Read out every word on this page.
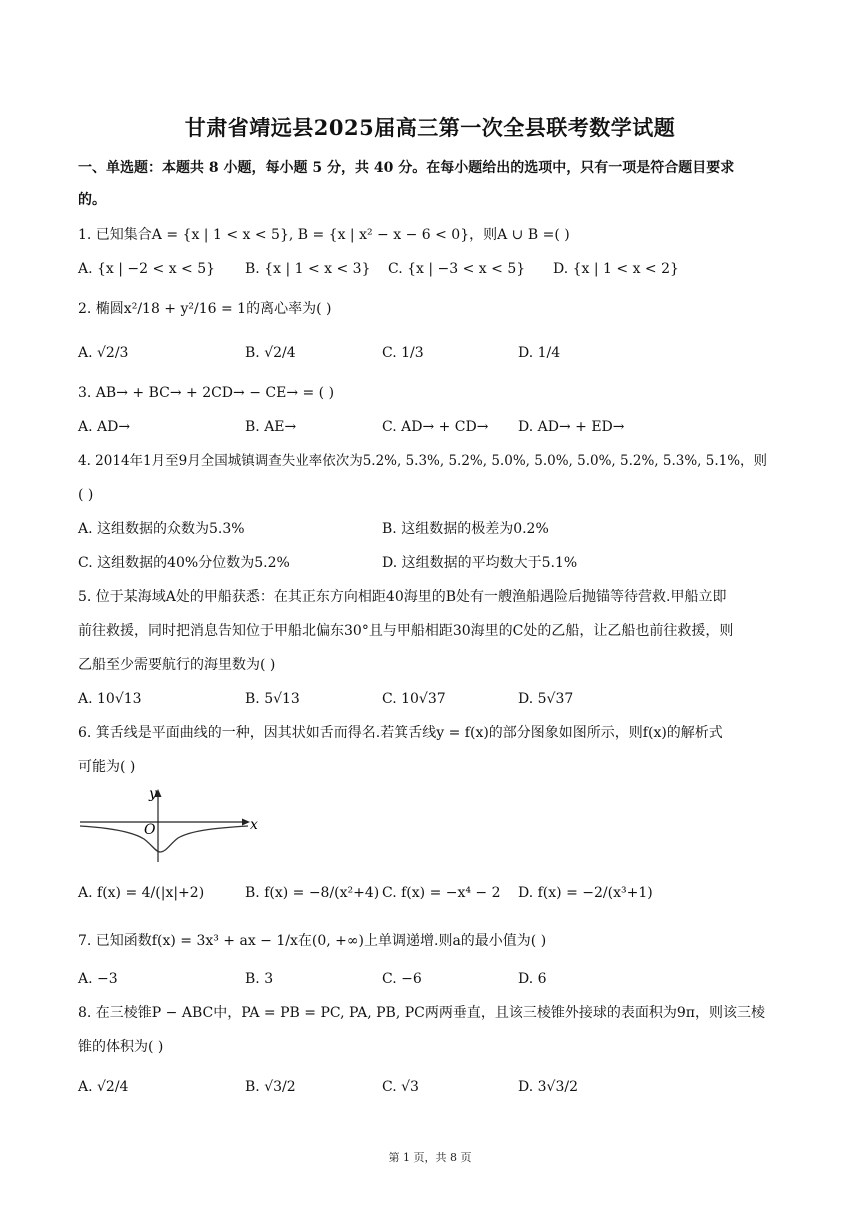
甘肃省靖远县2025届高三第一次全县联考数学试题
一、单选题：本题共 8 小题，每小题 5 分，共 40 分。在每小题给出的选项中，只有一项是符合题目要求
的。
1. 已知集合A = {x | 1 < x < 5}, B = {x | x² − x − 6 < 0}，则A ∪ B =( )
A. {x | −2 < x < 5} B. {x | 1 < x < 3} C. {x | −3 < x < 5} D. {x | 1 < x < 2}
2. 椭圆x²/18 + y²/16 = 1的离心率为( )
A. √2/3	B. √2/4	C. 1/3	D. 1/4
3. AB→ + BC→ + 2CD→ − CE→ = ( )
A. AD→	B. AE→	C. AD→ + CD→ D. AD→ + ED→
4. 2014年1月至9月全国城镇调查失业率依次为5.2%, 5.3%, 5.2%, 5.0%, 5.0%, 5.0%, 5.2%, 5.3%, 5.1%，则
( )
A. 这组数据的众数为5.3%	B. 这组数据的极差为0.2%
C. 这组数据的40%分位数为5.2%	D. 这组数据的平均数大于5.1%
5. 位于某海域A处的甲船获悉：在其正东方向相距40海里的B处有一艘渔船遇险后抛锚等待营救.甲船立即
前往救援，同时把消息告知位于甲船北偏东30°且与甲船相距30海里的C处的乙船，让乙船也前往救援，则
乙船至少需要航行的海里数为( )
A. 10√13	B. 5√13	C. 10√37	D. 5√37
6. 箕舌线是平面曲线的一种，因其状如舌而得名.若箕舌线y = f(x)的部分图象如图所示，则f(x)的解析式
可能为( )
y
x
O
A. f(x) = 4/(|x|+2)	B. f(x) = −8/(x²+4) C. f(x) = −x⁴ − 2 D. f(x) = −2/(x³+1)
7. 已知函数f(x) = 3x³ + ax − 1/x在(0, +∞)上单调递增.则a的最小值为( )
A. −3	B. 3	C. −6	D. 6
8. 在三棱锥P − ABC中，PA = PB = PC, PA, PB, PC两两垂直，且该三棱锥外接球的表面积为9π，则该三棱
锥的体积为( )
A. √2/4	B. √3/2	C. √3	D. 3√3/2
第 1 页，共 8 页
